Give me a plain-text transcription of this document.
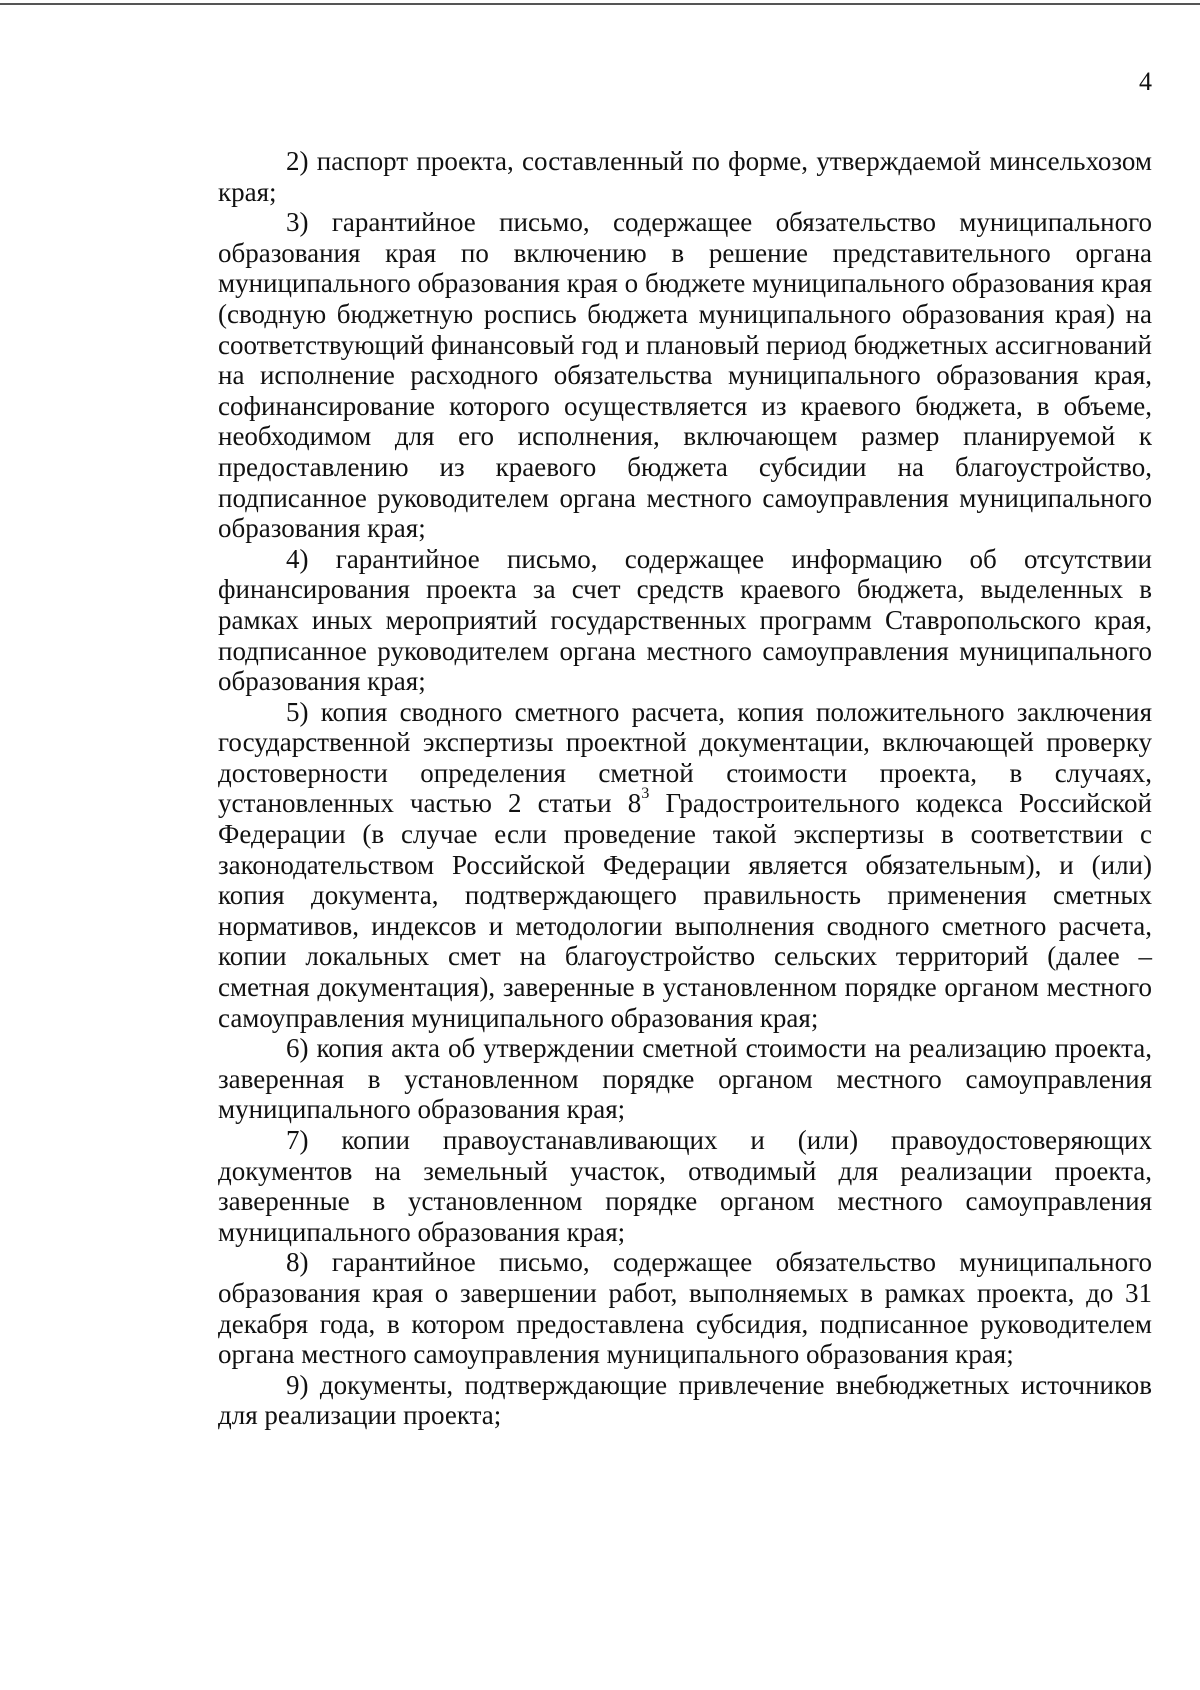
4

2) паспорт проекта, составленный по форме, утверждаемой минсельхозом края;

3) гарантийное письмо, содержащее обязательство муниципального образования края по включению в решение представительного органа муниципального образования края о бюджете муниципального образования края (сводную бюджетную роспись бюджета муниципального образования края) на соответствующий финансовый год и плановый период бюджетных ассигнований на исполнение расходного обязательства муниципального образования края, софинансирование которого осуществляется из краевого бюджета, в объеме, необходимом для его исполнения, включающем размер планируемой к предоставлению из краевого бюджета субсидии на благоустройство, подписанное руководителем органа местного самоуправления муниципального образования края;

4) гарантийное письмо, содержащее информацию об отсутствии финансирования проекта за счет средств краевого бюджета, выделенных в рамках иных мероприятий государственных программ Ставропольского края, подписанное руководителем органа местного самоуправления муниципального образования края;

5) копия сводного сметного расчета, копия положительного заключения государственной экспертизы проектной документации, включающей проверку достоверности определения сметной стоимости проекта, в случаях, установленных частью 2 статьи $8^3$ Градостроительного кодекса Российской Федерации (в случае если проведение такой экспертизы в соответствии с законодательством Российской Федерации является обязательным), и (или) копия документа, подтверждающего правильность применения сметных нормативов, индексов и методологии выполнения сводного сметного расчета, копии локальных смет на благоустройство сельских территорий (далее – сметная документация), заверенные в установленном порядке органом местного самоуправления муниципального образования края;

6) копия акта об утверждении сметной стоимости на реализацию проекта, заверенная в установленном порядке органом местного самоуправления муниципального образования края;

7) копии правоустанавливающих и (или) правоудостоверяющих документов на земельный участок, отводимый для реализации проекта, заверенные в установленном порядке органом местного самоуправления муниципального образования края;

8) гарантийное письмо, содержащее обязательство муниципального образования края о завершении работ, выполняемых в рамках проекта, до 31 декабря года, в котором предоставлена субсидия, подписанное руководителем органа местного самоуправления муниципального образования края;

9) документы, подтверждающие привлечение внебюджетных источников для реализации проекта;
